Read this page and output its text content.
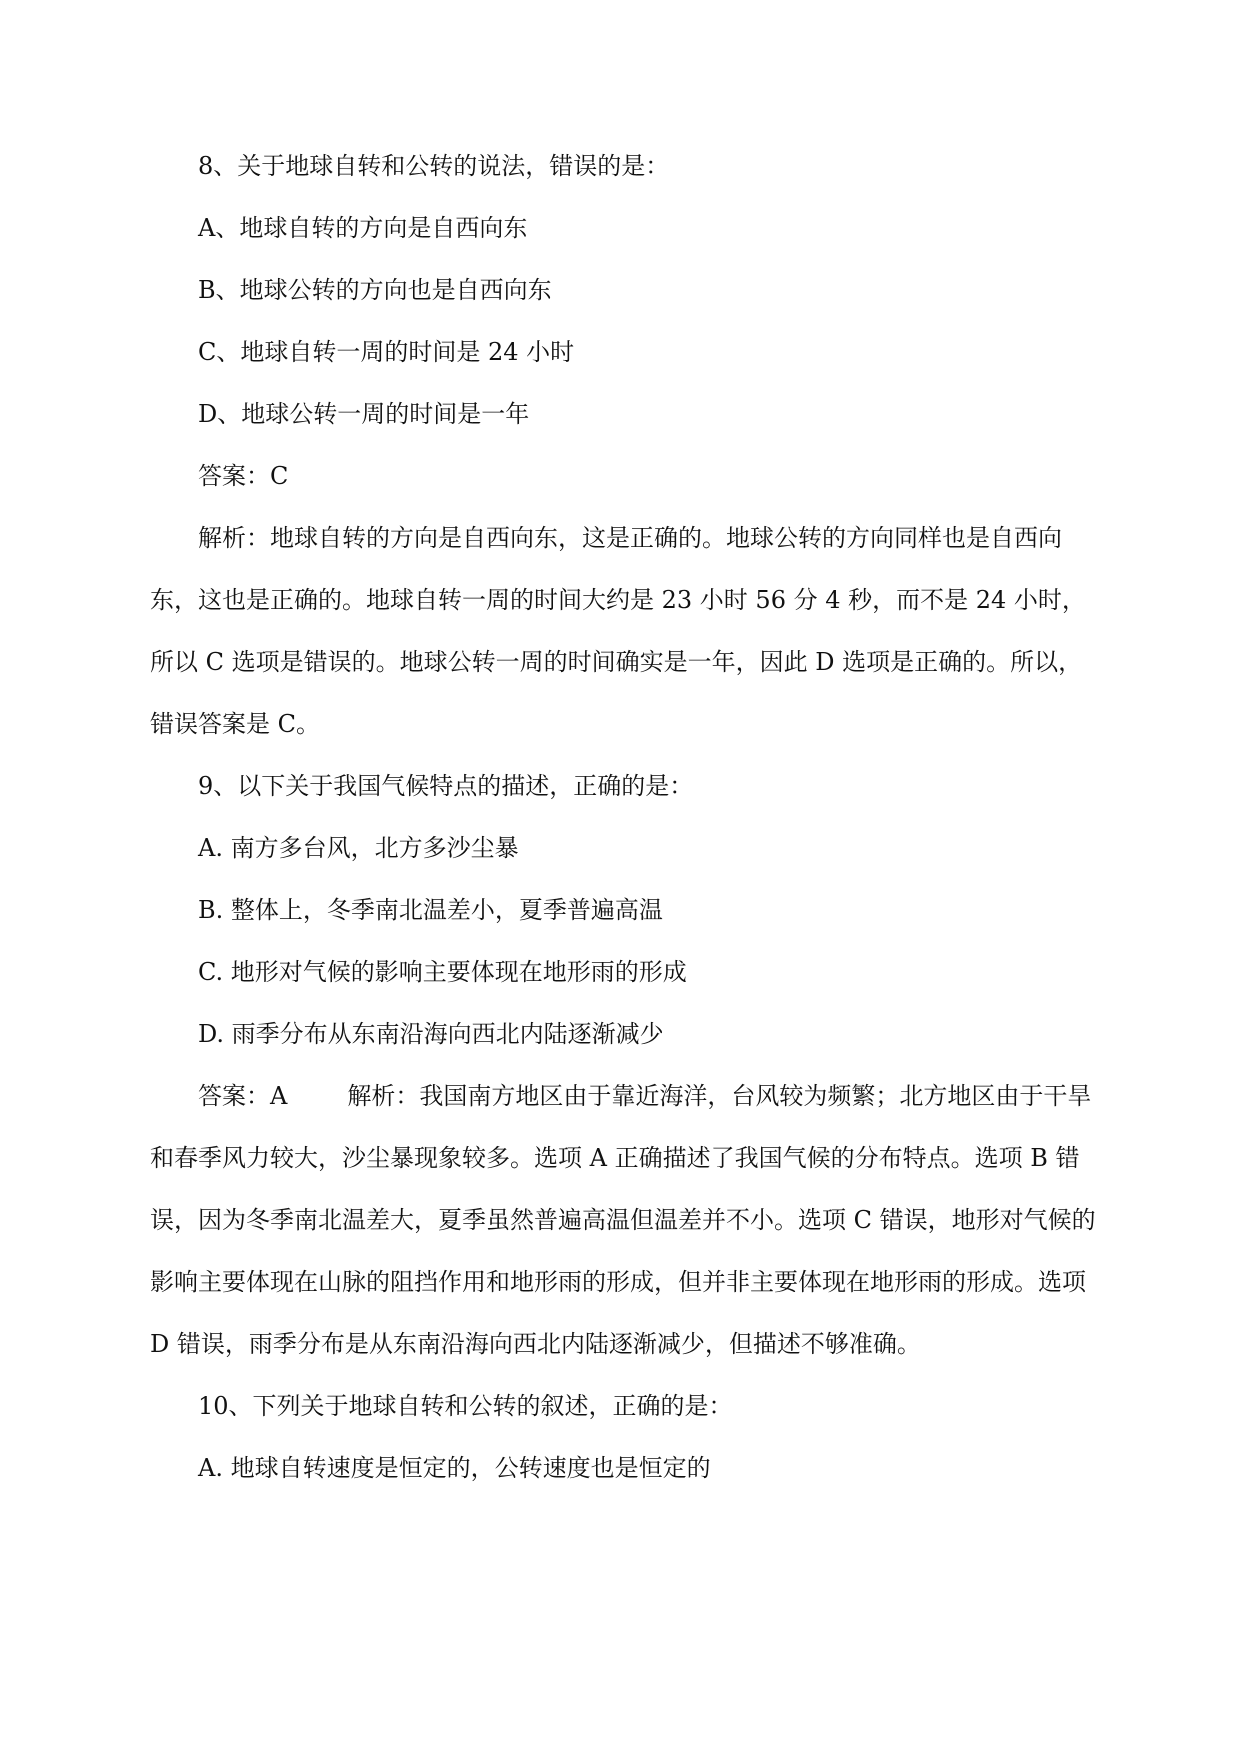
8、关于地球自转和公转的说法，错误的是：
A、地球自转的方向是自西向东
B、地球公转的方向也是自西向东
C、地球自转一周的时间是 24 小时
D、地球公转一周的时间是一年
答案：C
解析：地球自转的方向是自西向东，这是正确的。地球公转的方向同样也是自西向东，这也是正确的。地球自转一周的时间大约是 23 小时 56 分 4 秒，而不是 24 小时，所以 C 选项是错误的。地球公转一周的时间确实是一年，因此 D 选项是正确的。所以，错误答案是 C。
9、以下关于我国气候特点的描述，正确的是：
A. 南方多台风，北方多沙尘暴
B. 整体上，冬季南北温差小，夏季普遍高温
C. 地形对气候的影响主要体现在地形雨的形成
D. 雨季分布从东南沿海向西北内陆逐渐减少
答案：A	解析：我国南方地区由于靠近海洋，台风较为频繁；北方地区由于干旱和春季风力较大，沙尘暴现象较多。选项 A 正确描述了我国气候的分布特点。选项 B 错误，因为冬季南北温差大，夏季虽然普遍高温但温差并不小。选项 C 错误，地形对气候的影响主要体现在山脉的阻挡作用和地形雨的形成，但并非主要体现在地形雨的形成。选项 D 错误，雨季分布是从东南沿海向西北内陆逐渐减少，但描述不够准确。
10、下列关于地球自转和公转的叙述，正确的是：
A. 地球自转速度是恒定的，公转速度也是恒定的
